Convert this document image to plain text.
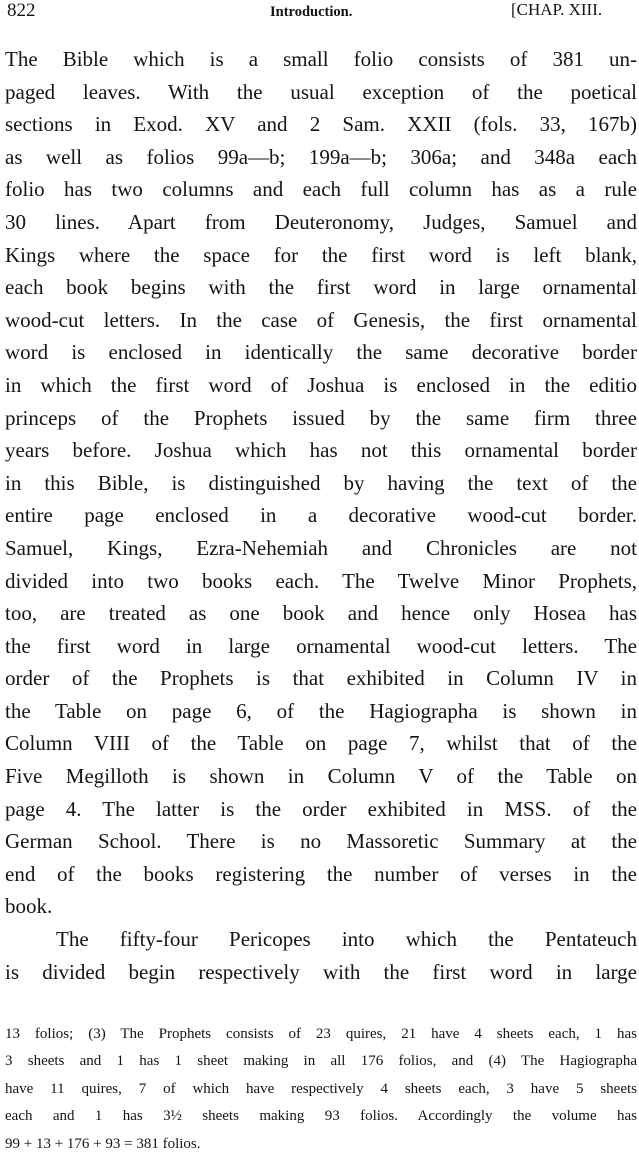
822	Introduction.	[CHAP. XIII.
The Bible which is a small folio consists of 381 un-
paged leaves. With the usual exception of the poetical
sections in Exod. XV and 2 Sam. XXII (fols. 33, 167b)
as well as folios 99a—b; 199a—b; 306a; and 348a each
folio has two columns and each full column has as a rule
30 lines. Apart from Deuteronomy, Judges, Samuel and
Kings where the space for the first word is left blank,
each book begins with the first word in large ornamental
wood-cut letters. In the case of Genesis, the first ornamental
word is enclosed in identically the same decorative border
in which the first word of Joshua is enclosed in the editio
princeps of the Prophets issued by the same firm three
years before. Joshua which has not this ornamental border
in this Bible, is distinguished by having the text of the
entire page enclosed in a decorative wood-cut border.
Samuel, Kings, Ezra-Nehemiah and Chronicles are not
divided into two books each. The Twelve Minor Prophets,
too, are treated as one book and hence only Hosea has
the first word in large ornamental wood-cut letters. The
order of the Prophets is that exhibited in Column IV in
the Table on page 6, of the Hagiographa is shown in
Column VIII of the Table on page 7, whilst that of the
Five Megilloth is shown in Column V of the Table on
page 4. The latter is the order exhibited in MSS. of the
German School. There is no Massoretic Summary at the
end of the books registering the number of verses in the
book.
The fifty-four Pericopes into which the Pentateuch
is divided begin respectively with the first word in large
13 folios; (3) The Prophets consists of 23 quires, 21 have 4 sheets each, 1 has
3 sheets and 1 has 1 sheet making in all 176 folios, and (4) The Hagiographa
have 11 quires, 7 of which have respectively 4 sheets each, 3 have 5 sheets
each and 1 has 3½ sheets making 93 folios. Accordingly the volume has
99 + 13 + 176 + 93 = 381 folios.
